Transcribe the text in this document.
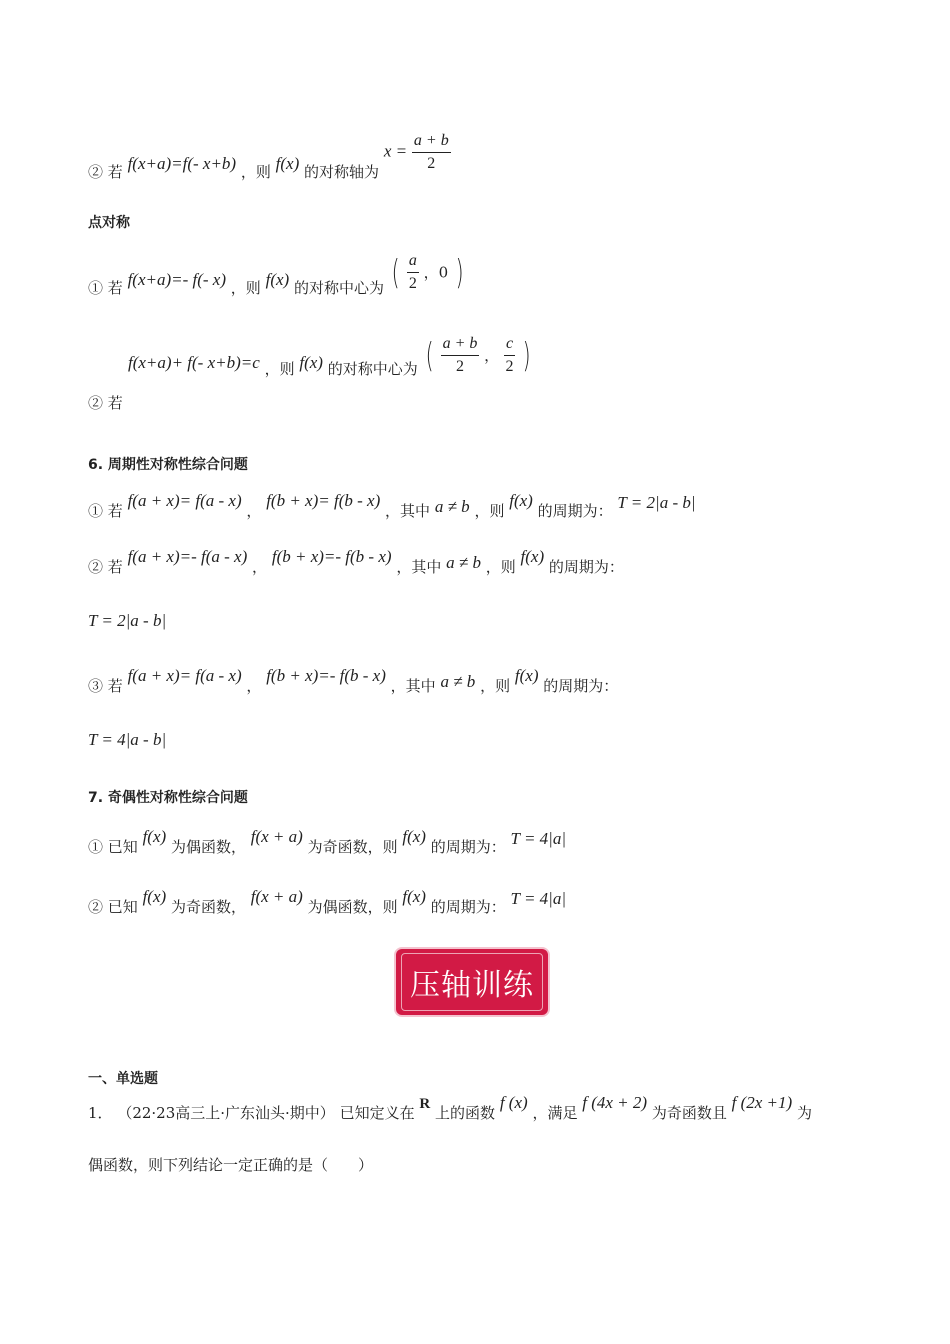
② 若 f(x+a)=f(- x+b) ，则 f(x) 的对称轴为 $x = \frac{a + b}{2}$
点对称
① 若 f(x+a)=- f(- x) ，则 f(x) 的对称中心为 ( $\frac{a}{2}$ ，0 )
f(x+a)+ f(- x+b)=c ，则 f(x) 的对称中心为 ( $\frac{a + b}{2}$ ， $\frac{c}{2}$ )
② 若
6. 周期性对称性综合问题
① 若 f(a + x)= f(a - x) ， f(b + x)= f(b - x) ，其中 a ≠ b ，则 f(x) 的周期为： T = 2|a - b|
② 若 f(a + x)=- f(a - x) ， f(b + x)=- f(b - x) ，其中 a ≠ b ，则 f(x) 的周期为：
T = 2|a - b|
③ 若 f(a + x)= f(a - x) ， f(b + x)=- f(b - x) ，其中 a ≠ b ，则 f(x) 的周期为：
T = 4|a - b|
7. 奇偶性对称性综合问题
① 已知 f(x) 为偶函数， f(x + a) 为奇函数，则 f(x) 的周期为： T = 4|a|
② 已知 f(x) 为奇函数， f(x + a) 为偶函数，则 f(x) 的周期为： T = 4|a|
压轴训练
一、单选题
1． （22·23高三上·广东汕头·期中） 已知定义在 R 上的函数 f (x) ，满足 f (4x + 2) 为奇函数且 f (2x +1) 为
偶函数，则下列结论一定正确的是（　　）
